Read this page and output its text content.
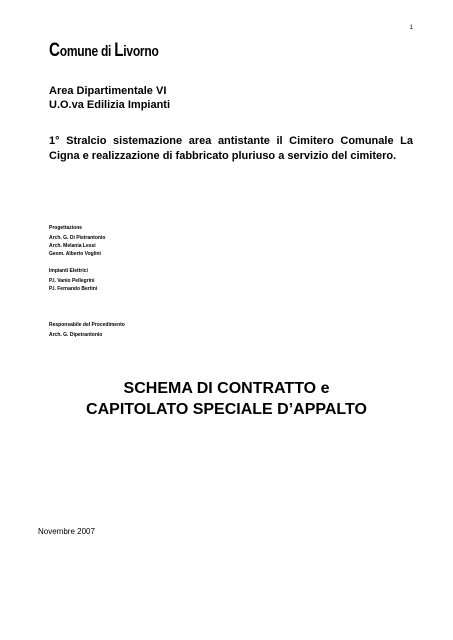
1
Comune di Livorno
Area Dipartimentale VI
U.O.va Edilizia Impianti

1° Stralcio sistemazione area antistante il Cimitero Comunale La Cigna e realizzazione di fabbricato pluriuso a servizio del cimitero.

Progettazione
Arch. G. Di Pietrantonio
Arch. Melania Lessi
Geom. Alberto Voglini
Impianti Elettrici
P.I. Vanio Pellegrini
P.I. Fernando Bertini
Responsabile del Procedimento
Arch. G. Dipetrantonio
SCHEMA DI CONTRATTO e
CAPITOLATO SPECIALE D’APPALTO
Novembre 2007
